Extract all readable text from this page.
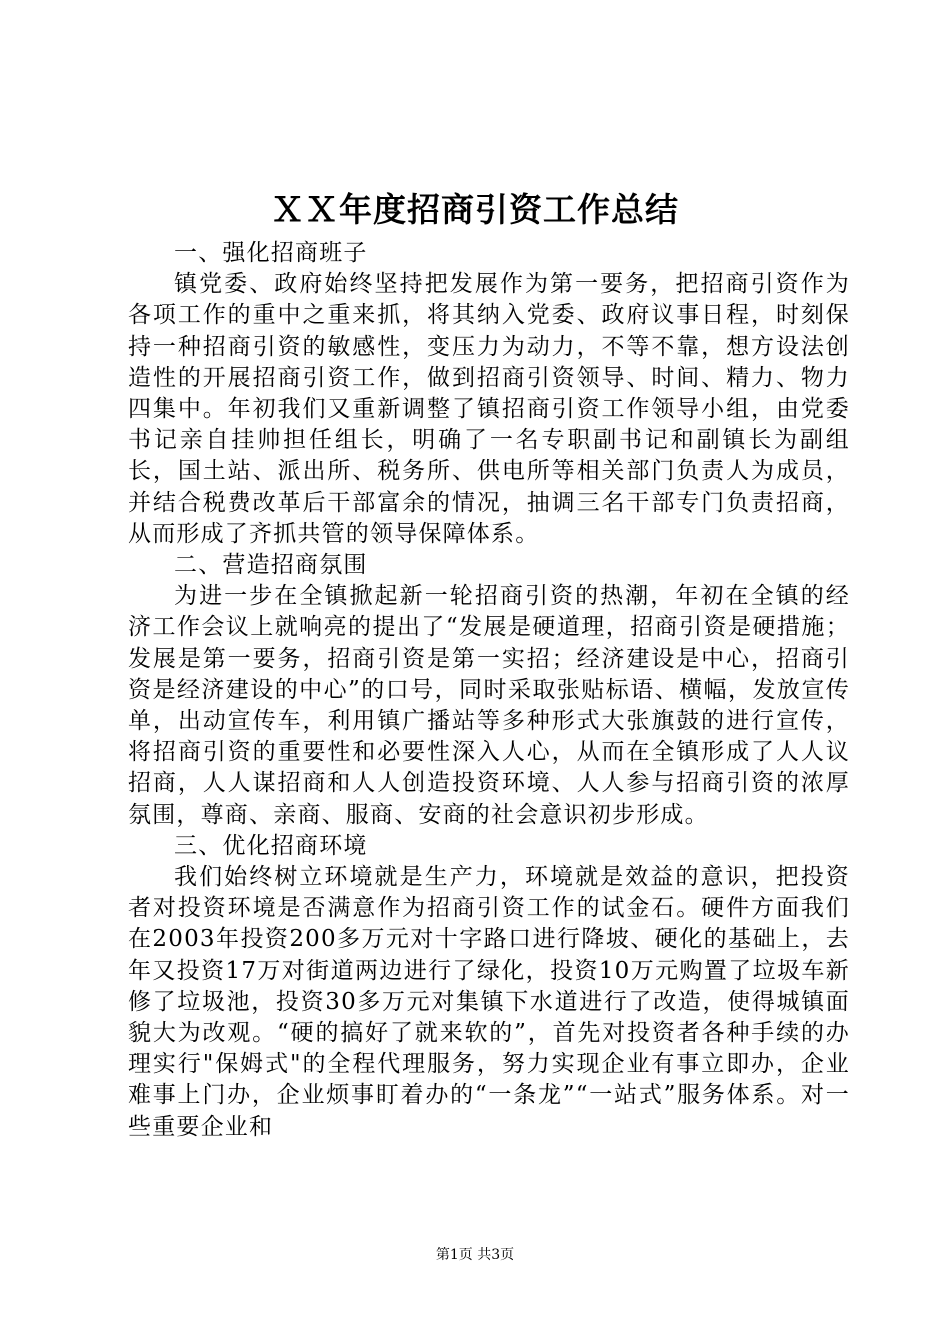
ＸＸ年度招商引资工作总结

一、强化招商班子

镇党委、政府始终坚持把发展作为第一要务，把招商引资作为各项工作的重中之重来抓，将其纳入党委、政府议事日程，时刻保持一种招商引资的敏感性，变压力为动力，不等不靠，想方设法创造性的开展招商引资工作，做到招商引资领导、时间、精力、物力四集中。年初我们又重新调整了镇招商引资工作领导小组，由党委书记亲自挂帅担任组长，明确了一名专职副书记和副镇长为副组长，国土站、派出所、税务所、供电所等相关部门负责人为成员，并结合税费改革后干部富余的情况，抽调三名干部专门负责招商，从而形成了齐抓共管的领导保障体系。

二、营造招商氛围

为进一步在全镇掀起新一轮招商引资的热潮，年初在全镇的经济工作会议上就响亮的提出了“发展是硬道理，招商引资是硬措施；发展是第一要务，招商引资是第一实招；经济建设是中心，招商引资是经济建设的中心”的口号，同时采取张贴标语、横幅，发放宣传单，出动宣传车，利用镇广播站等多种形式大张旗鼓的进行宣传，将招商引资的重要性和必要性深入人心，从而在全镇形成了人人议招商，人人谋招商和人人创造投资环境、人人参与招商引资的浓厚氛围，尊商、亲商、服商、安商的社会意识初步形成。

三、优化招商环境

我们始终树立环境就是生产力，环境就是效益的意识，把投资者对投资环境是否满意作为招商引资工作的试金石。硬件方面我们在2003年投资200多万元对十字路口进行降坡、硬化的基础上，去年又投资17万对街道两边进行了绿化，投资10万元购置了垃圾车新修了垃圾池，投资30多万元对集镇下水道进行了改造，使得城镇面貌大为改观。“硬的搞好了就来软的”，首先对投资者各种手续的办理实行"保姆式"的全程代理服务，努力实现企业有事立即办，企业难事上门办，企业烦事盯着办的“一条龙”“一站式”服务体系。对一些重要企业和

第1页 共3页
